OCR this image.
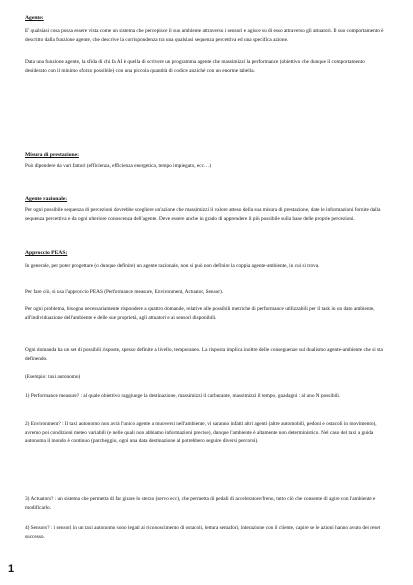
Agente:

E' qualsiasi cosa possa essere vista come un sistema che percepisce il suo ambiente attraverso i sensori e agisce su di esso attraverso gli attuatori. Il suo comportamento è descritto dalla funzione agente, che descrive la corrispondenza tra una qualsiasi sequenza percettiva ed una specifica azione.

Data una funzione agente, la sfida di chi fa AI è quella di scrivere un programma agente che massimizzi la performance (obiettivo che dunque il comportamento desiderato con il minimo sforzo possibile) con una piccola quantità di codice anziché con un enorme tabella.

Misura di prestazione:

Può dipendere da vari fattori (efficienza, efficienza energetica, tempo impiegato, ecc…)

Agente razionale:

Per ogni possibile sequenza di percezioni dovrebbe scegliere un'azione che massimizzi il valore atteso della sua misura di prestazione, date le informazioni fornite dalla sequenza percettiva e da ogni ulteriore conoscenza dell'agente. Deve essere anche in grado di apprendere il più possibile sulla base delle proprie percezioni.

Approccio PEAS:

In generale, per poter progettare (o dunque definire) un agente razionale, non si può non definire la coppia agente-ambiente, in cui si trova.

Per fare ciò, si usa l'approccio PEAS (Performance measure, Environment, Actuator, Sensor).

Per ogni problema, bisogna necessariamente rispondere a quattro domande, relative alle possibili metriche di performance utilizzabili per il task in un dato ambiente, all'individuazione dell'ambiente e delle sue proprietà, agli attuatori e ai sensori disponibili.

Ogni domanda ha un set di possibili risposte, spesso definite a livello, temporaneo. La risposta implica inoltre delle conseguenze sul dualismo agente-ambiente che si sta definendo.

(Esempio: taxi autonomo)

1) Performance measure? : al quale obiettivo raggiunge la destinazione, massimizzi il carburante, massimizzi il tempo, guadagni : al uno N possibili.

2) Environment? : Il taxi autonomo non avrà l'unico agente a muoversi nell'ambiente, vi saranno infatti altri agenti (altre automobili, pedoni e ostacoli in movimento), avremo poi condizioni meteo variabili (e nelle quali non abbiamo informazioni precise), dunque l'ambiente è altamente non deterministico. Nel caso del taxi a guida autonoma il mondo è continuo (parcheggio, ogni una data destinazione al potrebbero seguire diversi percorsi).

3) Actuators? : un sistema che permetta di far girare lo sterzo (servo ecc), che permetta di pedali di acceleratore/freno, tutto ciò che consente di agire con l'ambiente e modificarlo.

4) Sensors? : i sensori in un taxi autonomo sono legati ai riconoscimento di ostacoli, lettura semafori, interazione con il cliente, capire se le azioni hanno avuto dei reset successo.

1
